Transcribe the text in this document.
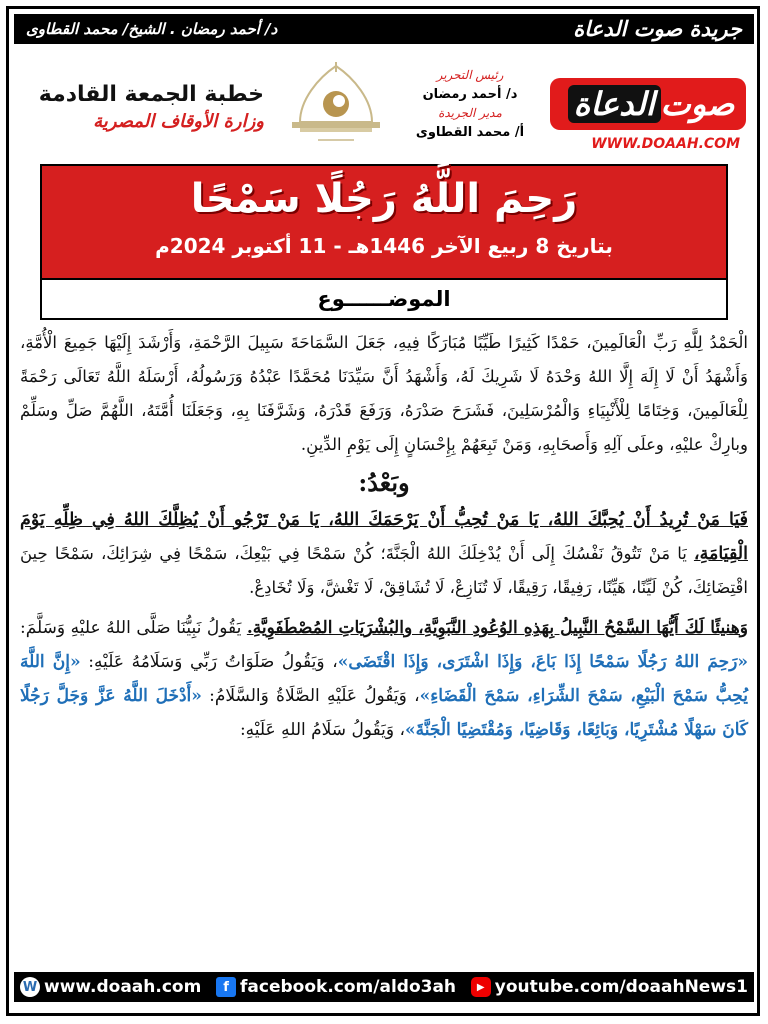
جريدة صوت الدعاة
د/ أحمد رمضان . الشيخ/ محمد القطاوى
صوت
الدعاة
WWW.DOAAH.COM
رئيس التحرير
د/ أحمد رمضان
مدير الجريدة
أ/ محمد القطاوى
خطبة الجمعة القادمة
وزارة الأوقاف المصرية
رَحِمَ اللَّهُ رَجُلًا سَمْحًا
بتاريخ 8 ربيع الآخر 1446هـ - 11 أكتوبر 2024م
الموضــــــوع

الْحَمْدُ لِلَّهِ رَبِّ الْعَالَمِينَ، حَمْدًا كَثِيرًا طَيِّبًا مُبَارَكًا فِيهِ، جَعَلَ السَّمَاحَةَ سَبِيلَ الرَّحْمَةِ، وَأَرْشَدَ إِلَيْهَا جَمِيعَ الْأُمَّةِ، وَأَشْهَدُ أَنْ لَا إِلَهَ إِلَّا اللهُ وَحْدَهُ لَا شَرِيكَ لَهُ، وَأَشْهَدُ أَنَّ سَيِّدَنَا مُحَمَّدًا عَبْدُهُ وَرَسُولُهُ، أَرْسَلَهُ اللَّهُ تَعَالَى رَحْمَةً لِلْعَالَمِينَ، وَخِتَامًا لِلْأَنْبِيَاءِ وَالْمُرْسَلِينَ، فَشَرَحَ صَدْرَهُ، وَرَفَعَ قَدْرَهُ، وَشَرَّفَنَا بِهِ، وَجَعَلَنَا أُمَّتَهُ، اللَّهُمَّ صَلِّ وسَلِّمْ وبارِكْ عليْهِ، وعلَى آلِهِ وَأَصحَابِهِ، وَمَنْ تَبِعَهُمْ بِإِحْسَانٍ إِلَى يَوْمِ الدِّينِ.

وبَعْدُ:

فَيَا مَنْ تُرِيدُ أَنْ يُحِبَّكَ اللهُ، يَا مَنْ تُحِبُّ أَنْ يَرْحَمَكَ اللهُ، يَا مَنْ تَرْجُو أَنْ يُظِلَّكَ اللهُ فِي ظِلِّهِ يَوْمَ الْقِيَامَةِ، يَا مَنْ تَتُوقُ نَفْسُكَ إِلَى أَنْ يُدْخِلَكَ اللهُ الْجَنَّةَ؛ كُنْ سَمْحًا فِي بَيْعِكَ، سَمْحًا فِي شِرَائِكَ، سَمْحًا حِينَ اقْتِضَائِكَ، كُنْ لَيِّنًا، هَيِّنًا، رَفِيقًا، رَقِيقًا، لَا تُنَازِعْ، لَا تُشَاقِقْ، لَا تَغْشَّ، وَلَا تُخَادِعْ.

وَهنيئًا لَكَ أَيُّهَا السَّمْحُ النَّبِيلُ بِهَذِهِ الوُعُودِ النَّبَوِيَّةِ، والبُشْرَيَاتِ المُصْطَفَوِيَّةِ. يَقُولُ نَبِيُّنَا صَلَّى اللهُ عليْهِ وَسَلَّمَ: «رَحِمَ اللهُ رَجُلًا سَمْحًا إِذَا بَاعَ، وَإِذَا اشْتَرَى، وَإِذَا اقْتَضَى»، وَيَقُولُ صَلَوَاتُ رَبِّي وَسَلَامُهُ عَلَيْهِ: «إِنَّ اللَّهَ يُحِبُّ سَمْحَ الْبَيْعِ، سَمْحَ الشِّرَاءِ، سَمْحَ الْقَضَاءِ»، وَيَقُولُ عَلَيْهِ الصَّلَاةُ وَالسَّلَامُ: «أَدْخَلَ اللَّهُ عَزَّ وَجَلَّ رَجُلًا كَانَ سَهْلًا مُشْتَرِيًا، وَبَائِعًا، وَقَاضِيًا، وَمُقْتَضِيًا الْجَنَّةَ»، وَيَقُولُ سَلَامُ اللهِ عَلَيْهِ:

W www.doaah.com	f facebook.com/aldo3ah	▶ youtube.com/doaahNews1
